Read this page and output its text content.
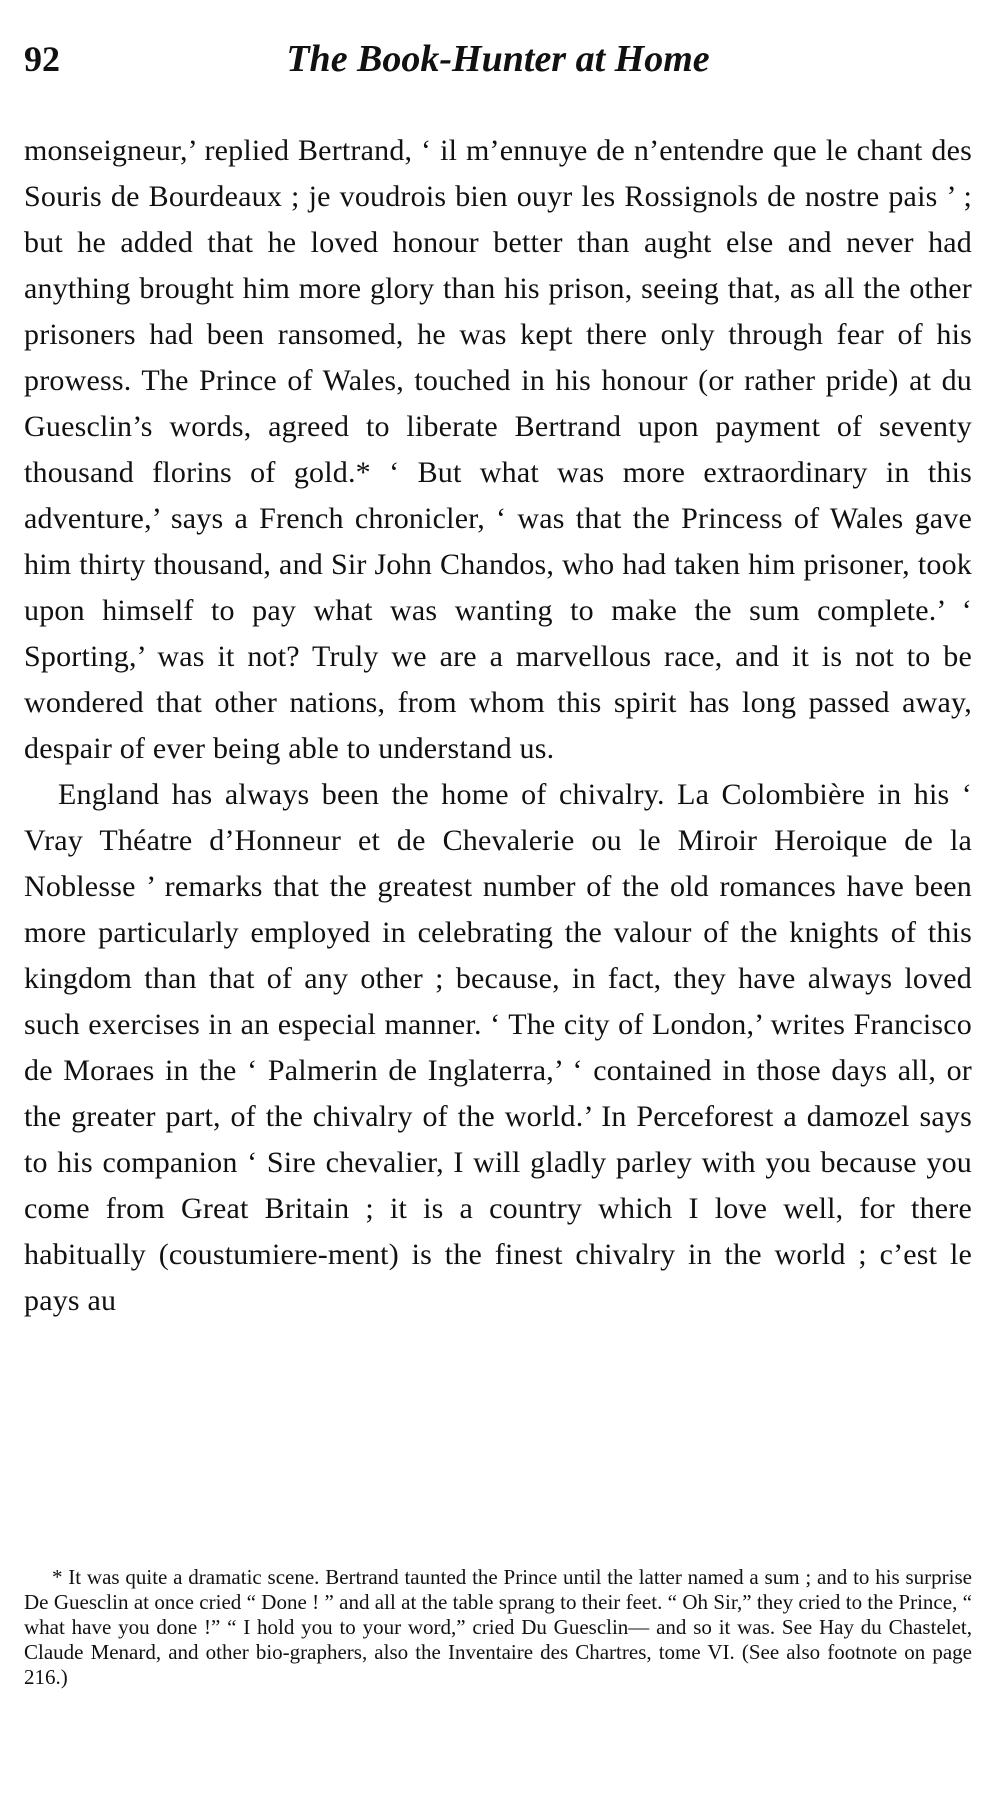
92	The Book-Hunter at Home

monseigneur,’ replied Bertrand, ‘ il m’ennuye de n’entendre que le chant des Souris de Bourdeaux ; je voudrois bien ouyr les Rossignols de nostre pais ’ ; but he added that he loved honour better than aught else and never had anything brought him more glory than his prison, seeing that, as all the other prisoners had been ransomed, he was kept there only through fear of his prowess. The Prince of Wales, touched in his honour (or rather pride) at du Guesclin’s words, agreed to liberate Bertrand upon payment of seventy thousand florins of gold.* ‘ But what was more extraordinary in this adventure,’ says a French chronicler, ‘ was that the Princess of Wales gave him thirty thousand, and Sir John Chandos, who had taken him prisoner, took upon himself to pay what was wanting to make the sum complete.’ ‘ Sporting,’ was it not? Truly we are a marvellous race, and it is not to be wondered that other nations, from whom this spirit has long passed away, despair of ever being able to understand us.

England has always been the home of chivalry. La Colombière in his ‘ Vray Théatre d’Honneur et de Chevalerie ou le Miroir Heroique de la Noblesse ’ remarks that the greatest number of the old romances have been more particularly employed in celebrating the valour of the knights of this kingdom than that of any other ; because, in fact, they have always loved such exercises in an especial manner. ‘ The city of London,’ writes Francisco de Moraes in the ‘ Palmerin de Inglaterra,’ ‘ contained in those days all, or the greater part, of the chivalry of the world.’ In Perceforest a damozel says to his companion ‘ Sire chevalier, I will gladly parley with you because you come from Great Britain ; it is a country which I love well, for there habitually (coustumiere-ment) is the finest chivalry in the world ; c’est le pays au

* It was quite a dramatic scene. Bertrand taunted the Prince until the latter named a sum ; and to his surprise De Guesclin at once cried “ Done ! ” and all at the table sprang to their feet. “ Oh Sir,” they cried to the Prince, “ what have you done !” “ I hold you to your word,” cried Du Guesclin— and so it was. See Hay du Chastelet, Claude Menard, and other bio-graphers, also the Inventaire des Chartres, tome VI. (See also footnote on page 216.)
